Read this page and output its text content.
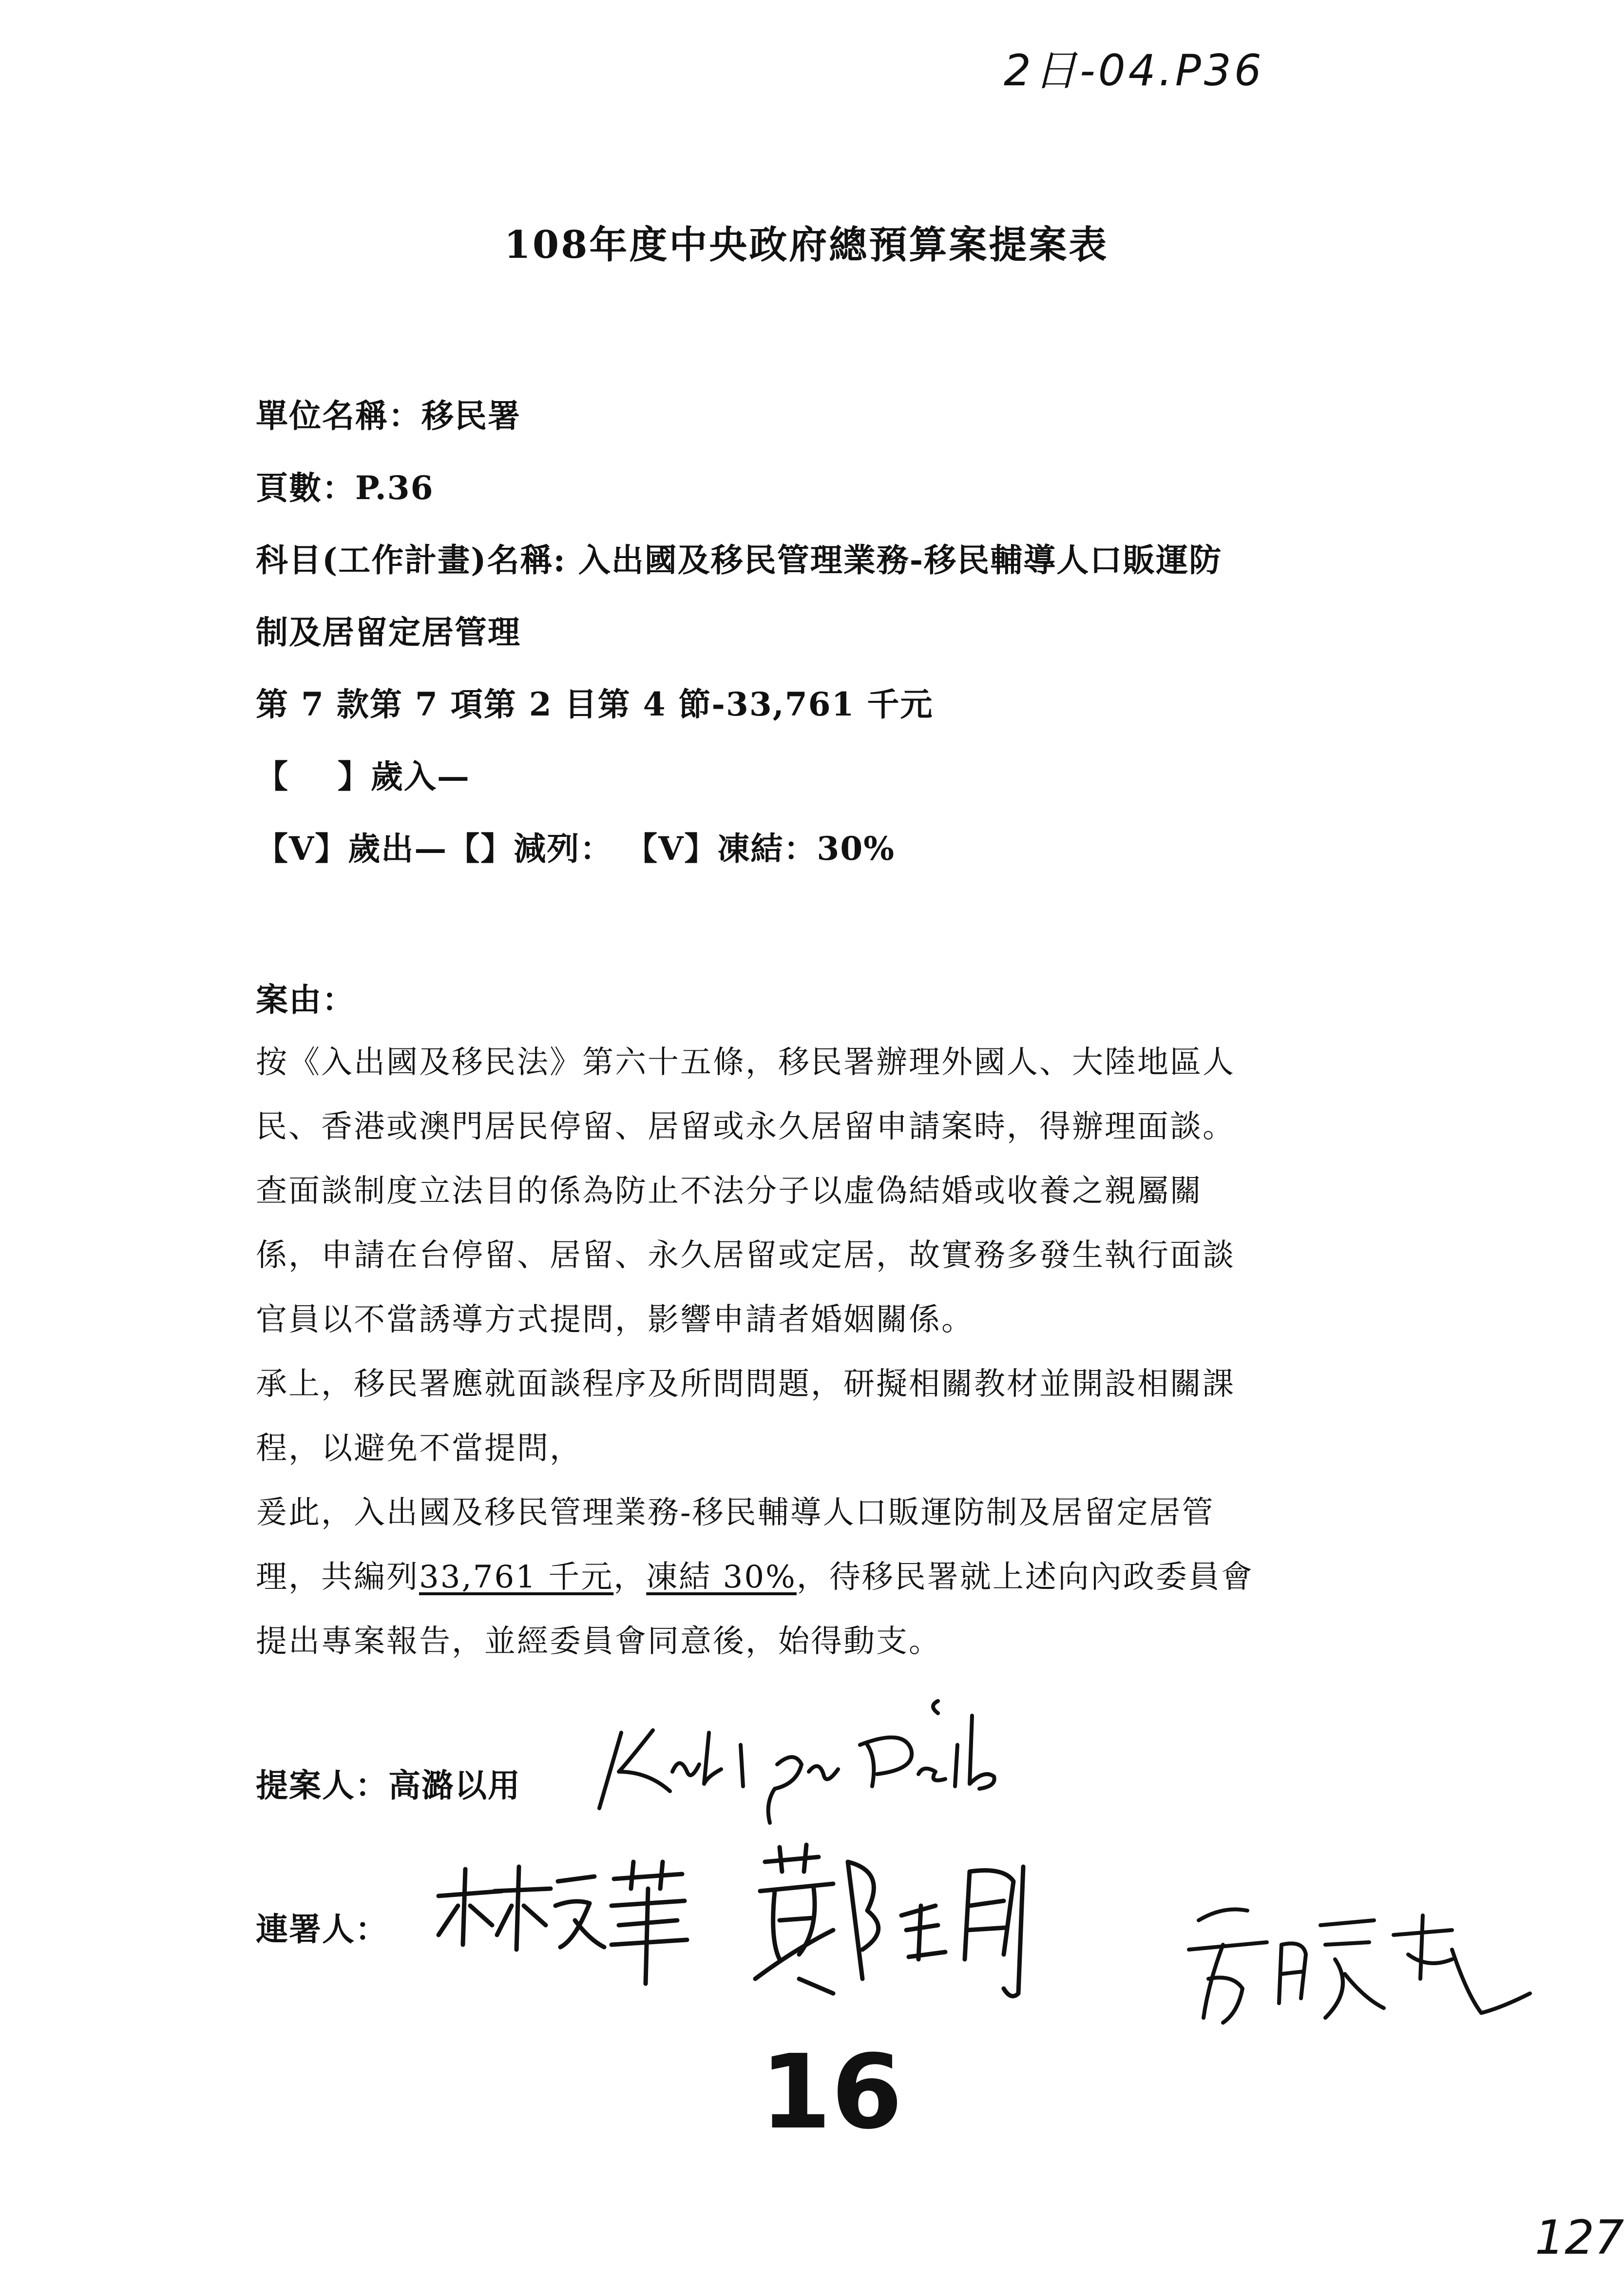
2日-04.P36
108年度中央政府總預算案提案表
單位名稱：移民署
頁數：P.36
科目(工作計畫)名稱: 入出國及移民管理業務-移民輔導人口販運防
制及居留定居管理
第 7 款第 7 項第 2 目第 4 節-33,761 千元
【    】歲入—
【V】歲出—【】減列： 【V】凍結：30%
案由：
按《入出國及移民法》第六十五條，移民署辦理外國人、大陸地區人
民、香港或澳門居民停留、居留或永久居留申請案時，得辦理面談。
查面談制度立法目的係為防止不法分子以虛偽結婚或收養之親屬關
係，申請在台停留、居留、永久居留或定居，故實務多發生執行面談
官員以不當誘導方式提問，影響申請者婚姻關係。
承上，移民署應就面談程序及所問問題，研擬相關教材並開設相關課
程，以避免不當提問，
爰此，入出國及移民管理業務-移民輔導人口販運防制及居留定居管
理，共編列33,761 千元，凍結 30%，待移民署就上述向內政委員會
提出專案報告，並經委員會同意後，始得動支。
提案人：高潞以用
連署人：
16
127
